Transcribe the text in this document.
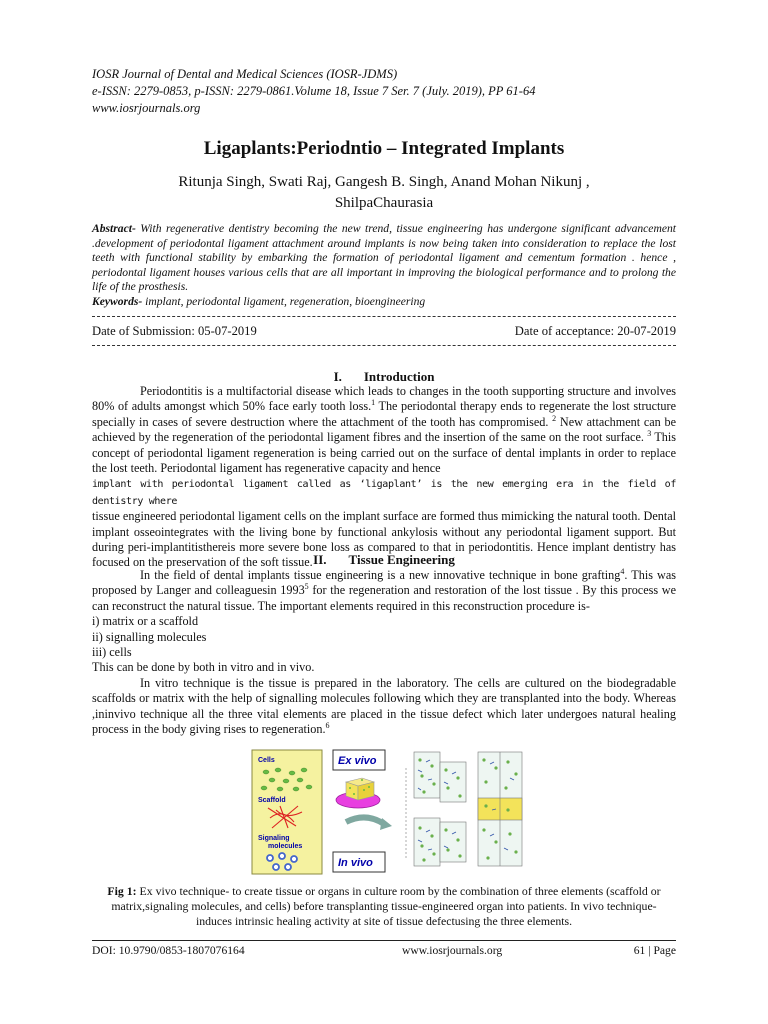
IOSR Journal of Dental and Medical Sciences (IOSR-JDMS)
e-ISSN: 2279-0853, p-ISSN: 2279-0861.Volume 18, Issue 7 Ser. 7 (July. 2019), PP 61-64
www.iosrjournals.org
Ligaplants:Periodntio – Integrated Implants
Ritunja Singh, Swati Raj, Gangesh B. Singh, Anand Mohan Nikunj ,
ShilpaChaurasia
Abstract- With regenerative dentistry becoming the new trend, tissue engineering has undergone significant advancement .development of periodontal ligament attachment around implants is now being taken into consideration to replace the lost teeth with functional stability by embarking the formation of periodontal ligament and cementum formation . hence , periodontal ligament houses various cells that are all important in improving the biological performance and to prolong the life of the prosthesis.
Keywords- implant, periodontal ligament, regeneration, bioengineering
Date of Submission: 05-07-2019	Date of acceptance: 20-07-2019
I. Introduction

Periodontitis is a multifactorial disease which leads to changes in the tooth supporting structure and involves 80% of adults amongst which 50% face early tooth loss.$^1$ The periodontal therapy ends to regenerate the lost structure specially in cases of severe destruction where the attachment of the tooth has compromised. $^2$ New attachment can be achieved by the regeneration of the periodontal ligament fibres and the insertion of the same on the root surface. $^3$ This concept of periodontal ligament regeneration is being carried out on the surface of dental implants in order to replace the lost teeth. Periodontal ligament has regenerative capacity and hence
implant with periodontal ligament called as ‘ligaplant’ is the new emerging era in the field of dentistry where
tissue engineered periodontal ligament cells on the implant surface are formed thus mimicking the natural tooth. Dental implant osseointegrates with the living bone by functional ankylosis without any periodontal ligament support. But during peri-implantitisthereis more severe bone loss as compared to that in periodontitis. Hence implant dentistry has focused on the preservation of the soft tissue. II. Tissue Engineering

In the field of dental implants tissue engineering is a new innovative technique in bone grafting$^4$. This was proposed by Langer and colleaguesin 1993$^5$ for the regeneration and restoration of the lost tissue . By this process we can reconstruct the natural tissue. The important elements required in this reconstruction procedure is-

i) matrix or a scaffold

ii) signalling molecules

iii) cells

This can be done by both in vitro and in vivo.

In vitro technique is the tissue is prepared in the laboratory. The cells are cultured on the biodegradable scaffolds or matrix with the help of signalling molecules following which they are transplanted into the body. Whereas ,ininvivo technique all the three vital elements are placed in the tissue defect which later undergoes natural healing process in the body giving rises to regeneration.$^6$

Cells
Scaffold
Signaling
molecules
Ex vivo
In vivo
Fig 1: Ex vivo technique- to create tissue or organs in culture room by the combination of three elements (scaffold or matrix,signaling molecules, and cells) before transplanting tissue-engineered organ into patients. In vivo technique- induces intrinsic healing activity at site of tissue defectusing the three elements.
DOI: 10.9790/0853-1807076164	www.iosrjournals.org	61 | Page
